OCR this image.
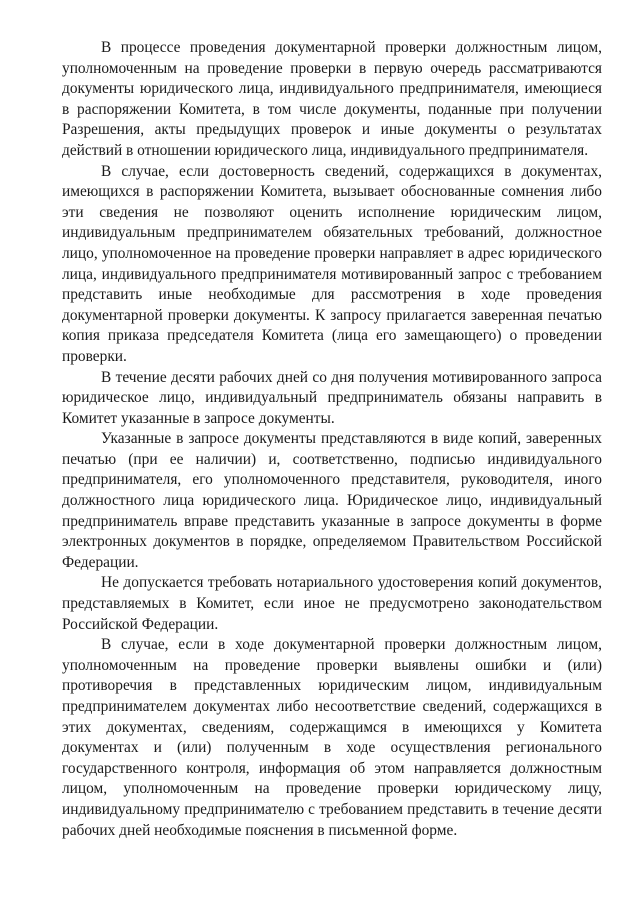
В процессе проведения документарной проверки должностным лицом, уполномоченным на проведение проверки в первую очередь рассматриваются документы юридического лица, индивидуального предпринимателя, имеющиеся в распоряжении Комитета, в том числе документы, поданные при получении Разрешения, акты предыдущих проверок и иные документы о результатах действий в отношении юридического лица, индивидуального предпринимателя.

В случае, если достоверность сведений, содержащихся в документах, имеющихся в распоряжении Комитета, вызывает обоснованные сомнения либо эти сведения не позволяют оценить исполнение юридическим лицом, индивидуальным предпринимателем обязательных требований, должностное лицо, уполномоченное на проведение проверки направляет в адрес юридического лица, индивидуального предпринимателя мотивированный запрос с требованием представить иные необходимые для рассмотрения в ходе проведения документарной проверки документы. К запросу прилагается заверенная печатью копия приказа председателя Комитета (лица его замещающего) о проведении проверки.

В течение десяти рабочих дней со дня получения мотивированного запроса юридическое лицо, индивидуальный предприниматель обязаны направить в Комитет указанные в запросе документы.

Указанные в запросе документы представляются в виде копий, заверенных печатью (при ее наличии) и, соответственно, подписью индивидуального предпринимателя, его уполномоченного представителя, руководителя, иного должностного лица юридического лица. Юридическое лицо, индивидуальный предприниматель вправе представить указанные в запросе документы в форме электронных документов в порядке, определяемом Правительством Российской Федерации.

Не допускается требовать нотариального удостоверения копий документов, представляемых в Комитет, если иное не предусмотрено законодательством Российской Федерации.

В случае, если в ходе документарной проверки должностным лицом, уполномоченным на проведение проверки выявлены ошибки и (или) противоречия в представленных юридическим лицом, индивидуальным предпринимателем документах либо несоответствие сведений, содержащихся в этих документах, сведениям, содержащимся в имеющихся у Комитета документах и (или) полученным в ходе осуществления регионального государственного контроля, информация об этом направляется должностным лицом, уполномоченным на проведение проверки юридическому лицу, индивидуальному предпринимателю с требованием представить в течение десяти рабочих дней необходимые пояснения в письменной форме.
